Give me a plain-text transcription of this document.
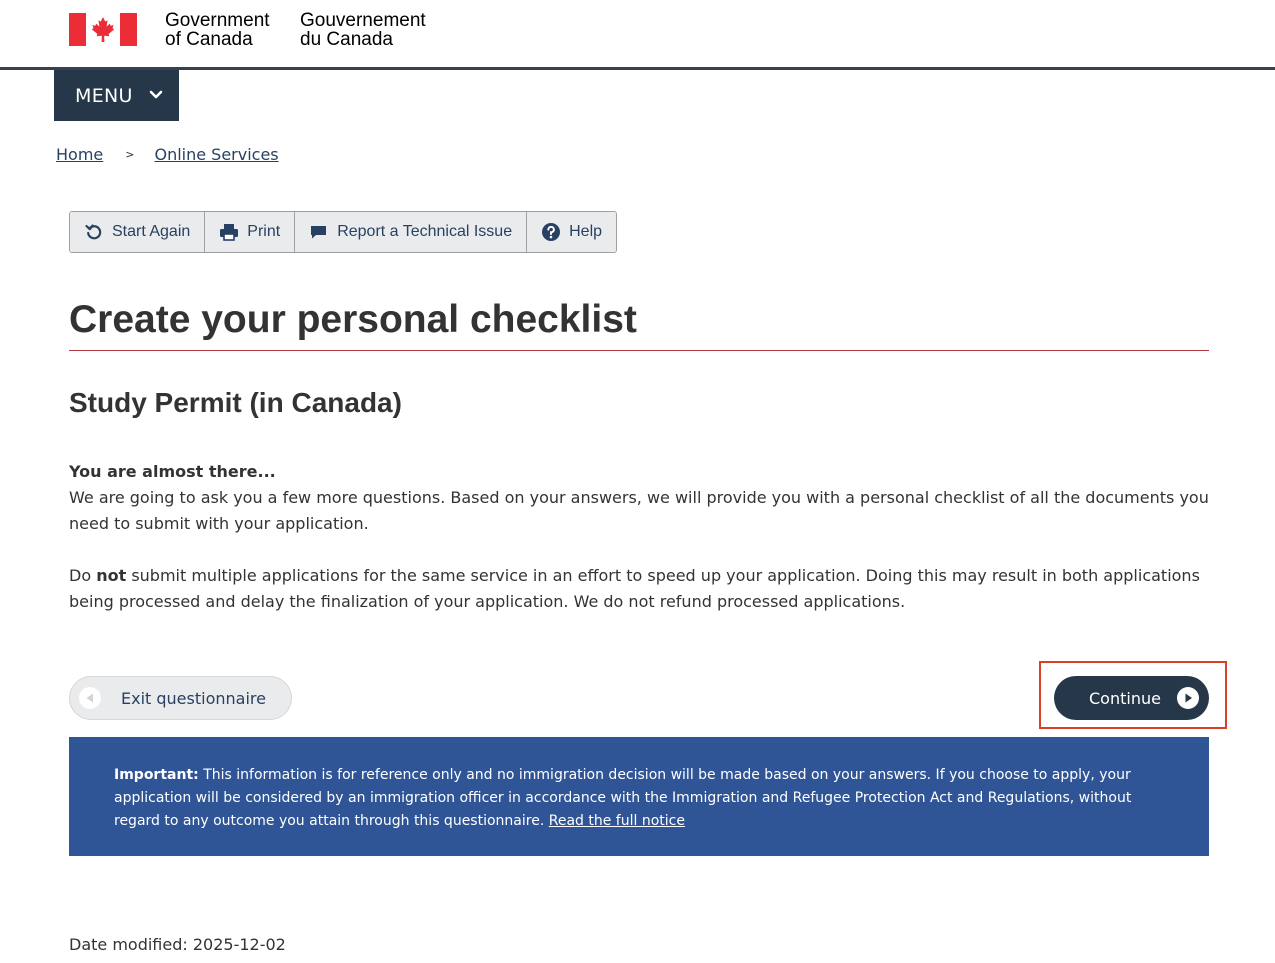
Government
of Canada
Gouvernement
du Canada
MENU
Home > Online Services
Start Again	Print	Report a Technical Issue	Help
Create your personal checklist
Study Permit (in Canada)
You are almost there...
We are going to ask you a few more questions. Based on your answers, we will provide you with a personal checklist of all the documents you need to submit with your application.
Do not submit multiple applications for the same service in an effort to speed up your application. Doing this may result in both applications being processed and delay the finalization of your application. We do not refund processed applications.
Exit questionnaire	Continue
Important: This information is for reference only and no immigration decision will be made based on your answers. If you choose to apply, your application will be considered by an immigration officer in accordance with the Immigration and Refugee Protection Act and Regulations, without regard to any outcome you attain through this questionnaire. Read the full notice
Date modified: 2025-12-02
